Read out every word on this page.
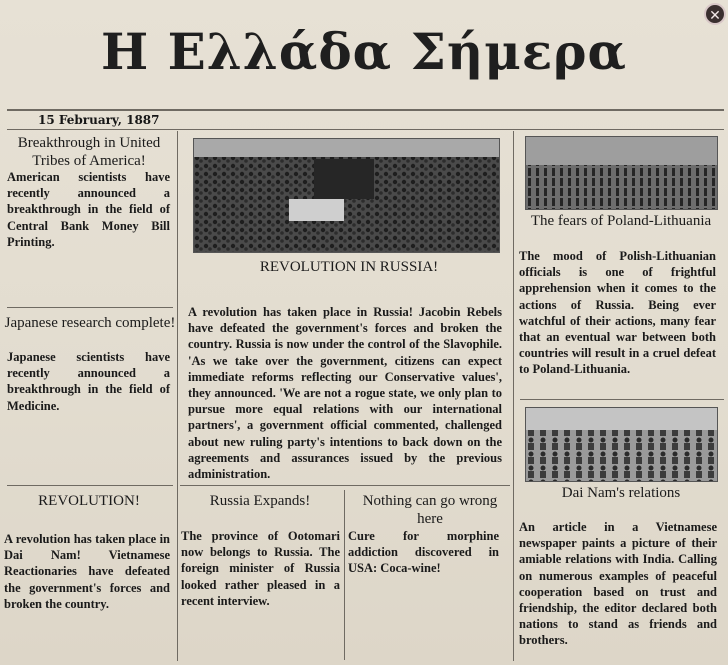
Η Ελλάδα Σήμερα
✕
15 February, 1887
Breakthrough in United Tribes of America!
American scientists have recently announced a breakthrough in the field of Central Bank Money Bill Printing.
Japanese research complete!
Japanese scientists have recently announced a breakthrough in the field of Medicine.
REVOLUTION!
A revolution has taken place in Dai Nam! Vietnamese Reactionaries have defeated the government's forces and broken the country.
REVOLUTION IN RUSSIA!
A revolution has taken place in Russia! Jacobin Rebels have defeated the government's forces and broken the country. Russia is now under the control of the Slavophile. 'As we take over the government, citizens can expect immediate reforms reflecting our Conservative values', they announced. 'We are not a rogue state, we only plan to pursue more equal relations with our international partners', a government official commented, challenged about new ruling party's intentions to back down on the agreements and assurances issued by the previous administration.
Russia Expands!
The province of Ootomari now belongs to Russia. The foreign minister of Russia looked rather pleased in a recent interview.
Nothing can go wrong here
Cure for morphine addiction discovered in USA: Coca-wine!
The fears of Poland-Lithuania
The mood of Polish-Lithuanian officials is one of frightful apprehension when it comes to the actions of Russia. Being ever watchful of their actions, many fear that an eventual war between both countries will result in a cruel defeat to Poland-Lithuania.
Dai Nam's relations
An article in a Vietnamese newspaper paints a picture of their amiable relations with India. Calling on numerous examples of peaceful cooperation based on trust and friendship, the editor declared both nations to stand as friends and brothers.
